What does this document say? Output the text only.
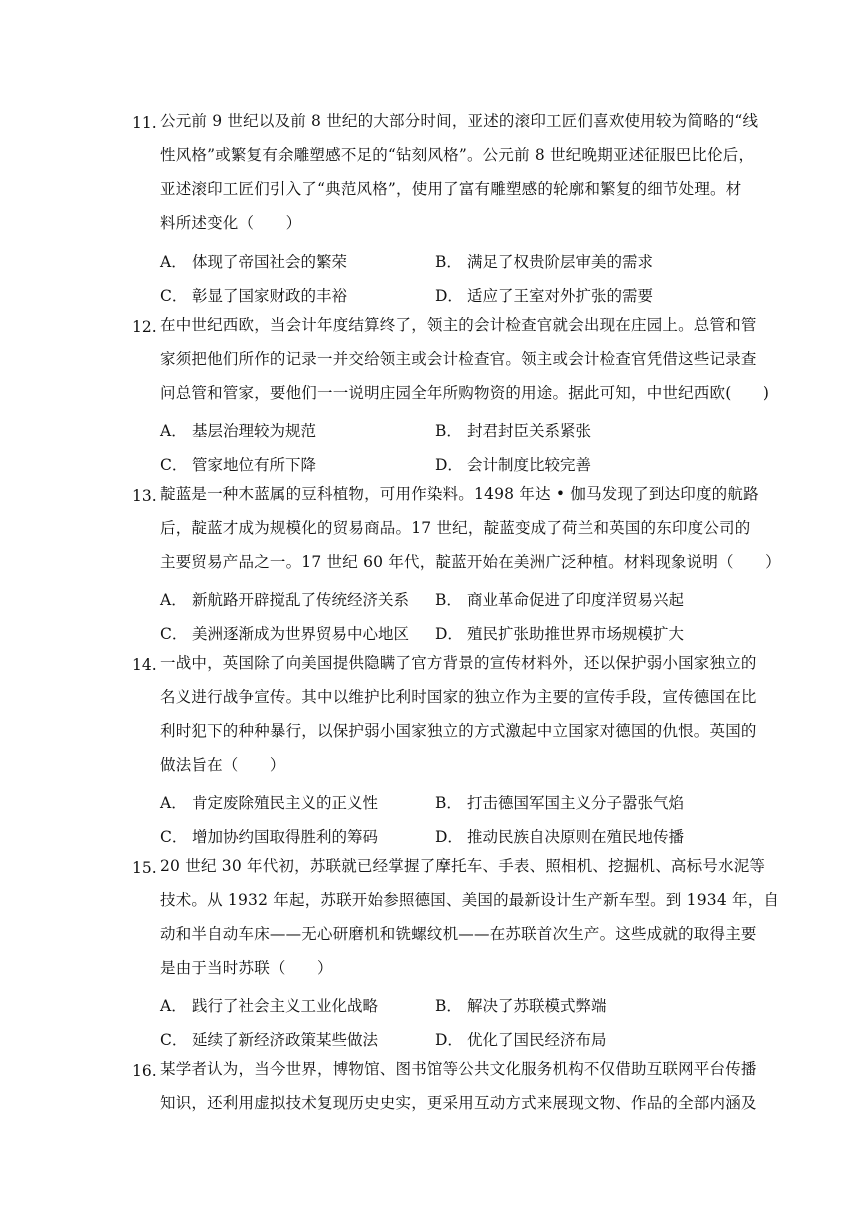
11. 公元前 9 世纪以及前 8 世纪的大部分时间，亚述的滚印工匠们喜欢使用较为简略的“线
性风格”或繁复有余雕塑感不足的“钻刻风格”。公元前 8 世纪晚期亚述征服巴比伦后，
亚述滚印工匠们引入了“典范风格”，使用了富有雕塑感的轮廓和繁复的细节处理。材
料所述变化（　　）
A． 体现了帝国社会的繁荣	B． 满足了权贵阶层审美的需求
C． 彰显了国家财政的丰裕	D． 适应了王室对外扩张的需要
12. 在中世纪西欧，当会计年度结算终了，领主的会计检查官就会出现在庄园上。总管和管
家须把他们所作的记录一并交给领主或会计检查官。领主或会计检查官凭借这些记录查
问总管和管家，要他们一一说明庄园全年所购物资的用途。据此可知，中世纪西欧(　　)
A． 基层治理较为规范	B． 封君封臣关系紧张
C． 管家地位有所下降	D． 会计制度比较完善
13. 靛蓝是一种木蓝属的豆科植物，可用作染料。1498 年达 • 伽马发现了到达印度的航路
后，靛蓝才成为规模化的贸易商品。17 世纪，靛蓝变成了荷兰和英国的东印度公司的
主要贸易产品之一。17 世纪 60 年代，靛蓝开始在美洲广泛种植。材料现象说明（　　）
A． 新航路开辟搅乱了传统经济关系 B． 商业革命促进了印度洋贸易兴起
C． 美洲逐渐成为世界贸易中心地区 D． 殖民扩张助推世界市场规模扩大
14. 一战中，英国除了向美国提供隐瞒了官方背景的宣传材料外，还以保护弱小国家独立的
名义进行战争宣传。其中以维护比利时国家的独立作为主要的宣传手段，宣传德国在比
利时犯下的种种暴行，以保护弱小国家独立的方式激起中立国家对德国的仇恨。英国的
做法旨在（　　）
A． 肯定废除殖民主义的正义性	B． 打击德国军国主义分子嚣张气焰
C． 增加协约国取得胜利的筹码	D． 推动民族自决原则在殖民地传播
15. 20 世纪 30 年代初，苏联就已经掌握了摩托车、手表、照相机、挖掘机、高标号水泥等
技术。从 1932 年起，苏联开始参照德国、美国的最新设计生产新车型。到 1934 年，自
动和半自动车床——无心研磨机和铣螺纹机——在苏联首次生产。这些成就的取得主要
是由于当时苏联（　　）
A． 践行了社会主义工业化战略	B． 解决了苏联模式弊端
C． 延续了新经济政策某些做法	D． 优化了国民经济布局
16. 某学者认为，当今世界，博物馆、图书馆等公共文化服务机构不仅借助互联网平台传播
知识，还利用虚拟技术复现历史史实，更采用互动方式来展现文物、作品的全部内涵及
